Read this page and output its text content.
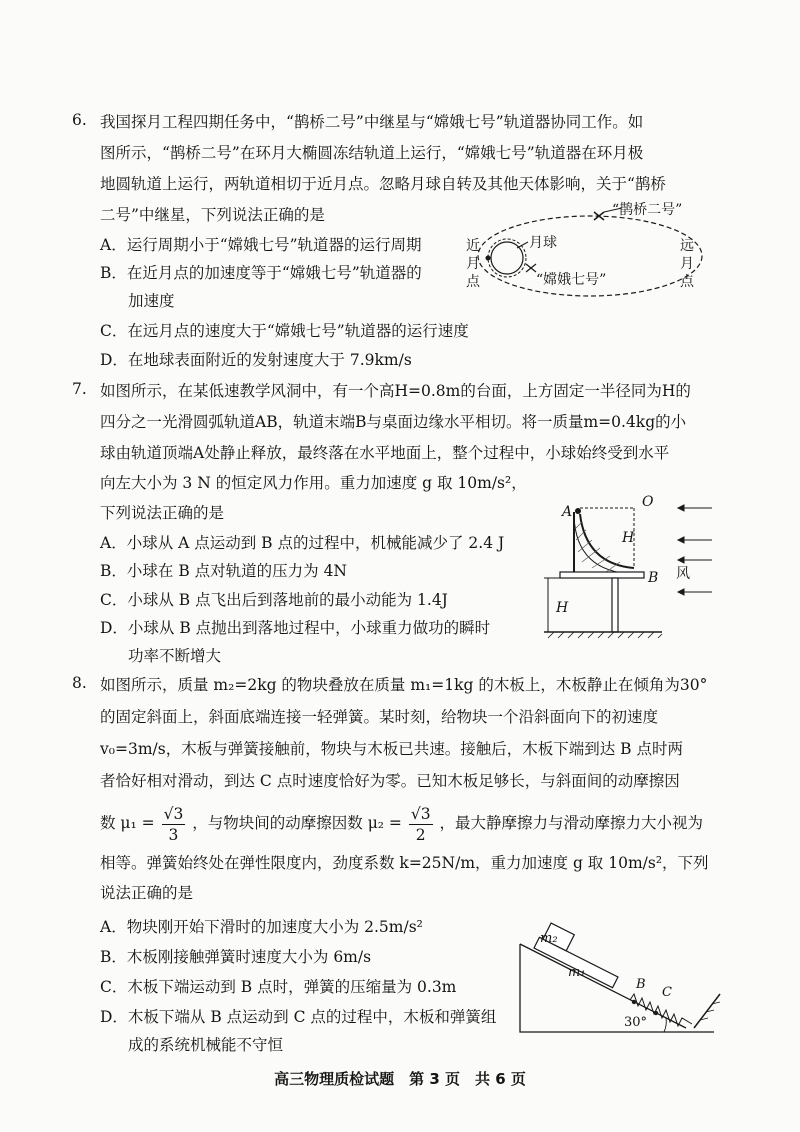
6. 我国探月工程四期任务中，“鹊桥二号”中继星与“嫦娥七号”轨道器协同工作。如
图所示，“鹊桥二号”在环月大椭圆冻结轨道上运行，“嫦娥七号”轨道器在环月极
地圆轨道上运行，两轨道相切于近月点。忽略月球自转及其他天体影响，关于“鹊桥
二号”中继星，下列说法正确的是
A．运行周期小于“嫦娥七号”轨道器的运行周期
B．在近月点的加速度等于“嫦娥七号”轨道器的
加速度
C．在远月点的速度大于“嫦娥七号”轨道器的运行速度
D．在地球表面附近的发射速度大于 7.9km/s
月球
“嫦娥七号”
“鹊桥二号”
近
月
点
远
月
点
7. 如图所示，在某低速教学风洞中，有一个高H=0.8m的台面，上方固定一半径同为H的
四分之一光滑圆弧轨道AB，轨道末端B与桌面边缘水平相切。将一质量m=0.4kg的小
球由轨道顶端A处静止释放，最终落在水平地面上，整个过程中，小球始终受到水平
向左大小为 3 N 的恒定风力作用。重力加速度 g 取 10m/s²，
下列说法正确的是
A．小球从 A 点运动到 B 点的过程中，机械能减少了 2.4 J
B．小球在 B 点对轨道的压力为 4N
C．小球从 B 点飞出后到落地前的最小动能为 1.4J
D．小球从 B 点抛出到落地过程中，小球重力做功的瞬时
功率不断增大
A
O
H
B 风
H
8. 如图所示，质量 m₂=2kg 的物块叠放在质量 m₁=1kg 的木板上，木板静止在倾角为30°
的固定斜面上，斜面底端连接一轻弹簧。某时刻，给物块一个沿斜面向下的初速度
v₀=3m/s，木板与弹簧接触前，物块与木板已共速。接触后，木板下端到达 B 点时两
者恰好相对滑动，到达 C 点时速度恰好为零。已知木板足够长，与斜面间的动摩擦因
数 $\mu_1 = \frac{√3}{3}$ ，与物块间的动摩擦因数 $\mu_2 = \frac{√3}{2}$ ，最大静摩擦力与滑动摩擦力大小视为
相等。弹簧始终处在弹性限度内，劲度系数 k=25N/m，重力加速度 g 取 10m/s²，下列
说法正确的是
A．物块刚开始下滑时的加速度大小为 2.5m/s²
B．木板刚接触弹簧时速度大小为 6m/s
C．木板下端运动到 B 点时，弹簧的压缩量为 0.3m
D．木板下端从 B 点运动到 C 点的过程中，木板和弹簧组
成的系统机械能不守恒
m₁
m₂
B
C
30°
高三物理质检试题　第 3 页　共 6 页
